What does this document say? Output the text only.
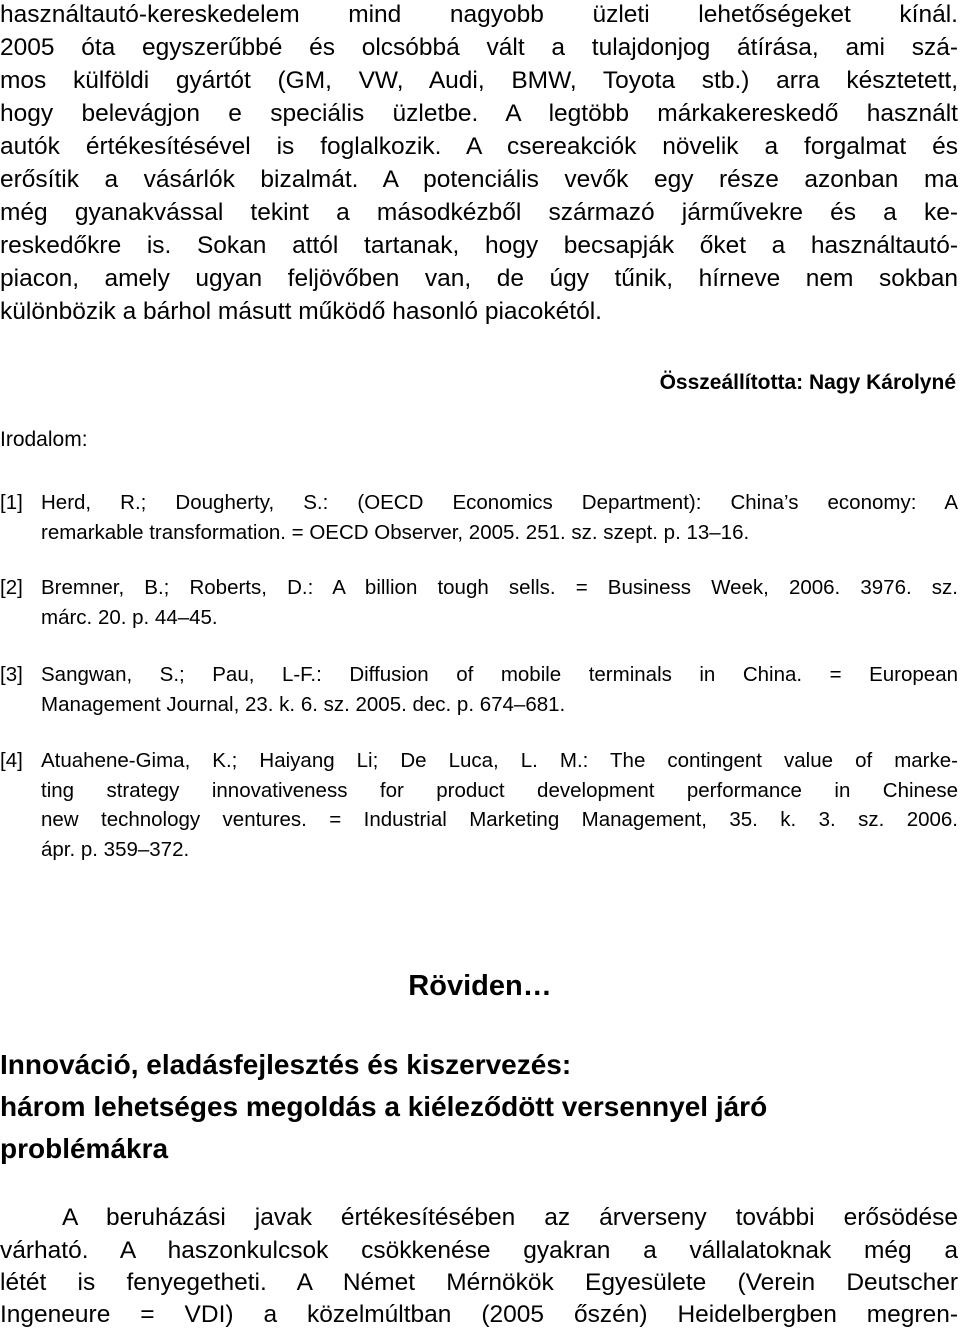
használtautó-kereskedelem mind nagyobb üzleti lehetőségeket kínál.
2005 óta egyszerűbbé és olcsóbbá vált a tulajdonjog átírása, ami szá-
mos külföldi gyártót (GM, VW, Audi, BMW, Toyota stb.) arra késztetett,
hogy belevágjon e speciális üzletbe. A legtöbb márkakereskedő használt
autók értékesítésével is foglalkozik. A csereakciók növelik a forgalmat és
erősítik a vásárlók bizalmát. A potenciális vevők egy része azonban ma
még gyanakvással tekint a másodkézből származó járművekre és a ke-
reskedőkre is. Sokan attól tartanak, hogy becsapják őket a használtautó-
piacon, amely ugyan feljövőben van, de úgy tűnik, hírneve nem sokban
különbözik a bárhol másutt működő hasonló piacokétól.
Összeállította: Nagy Károlyné
Irodalom:
[1] Herd, R.; Dougherty, S.: (OECD Economics Department): China’s economy: A
remarkable transformation. = OECD Observer, 2005. 251. sz. szept. p. 13–16.
[2] Bremner, B.; Roberts, D.: A billion tough sells. = Business Week, 2006. 3976. sz.
márc. 20. p. 44–45.
[3] Sangwan, S.; Pau, L-F.: Diffusion of mobile terminals in China. = European
Management Journal, 23. k. 6. sz. 2005. dec. p. 674–681.
[4] Atuahene-Gima, K.; Haiyang Li; De Luca, L. M.: The contingent value of marke-
ting strategy innovativeness for product development performance in Chinese
new technology ventures. = Industrial Marketing Management, 35. k. 3. sz. 2006.
ápr. p. 359–372.
Röviden…
Innováció, eladásfejlesztés és kiszervezés:
három lehetséges megoldás a kiéleződött versennyel járó
problémákra
A beruházási javak értékesítésében az árverseny további erősödése
várható. A haszonkulcsok csökkenése gyakran a vállalatoknak még a
létét is fenyegetheti. A Német Mérnökök Egyesülete (Verein Deutscher
Ingeneure = VDI) a közelmúltban (2005 őszén) Heidelbergben megren-
